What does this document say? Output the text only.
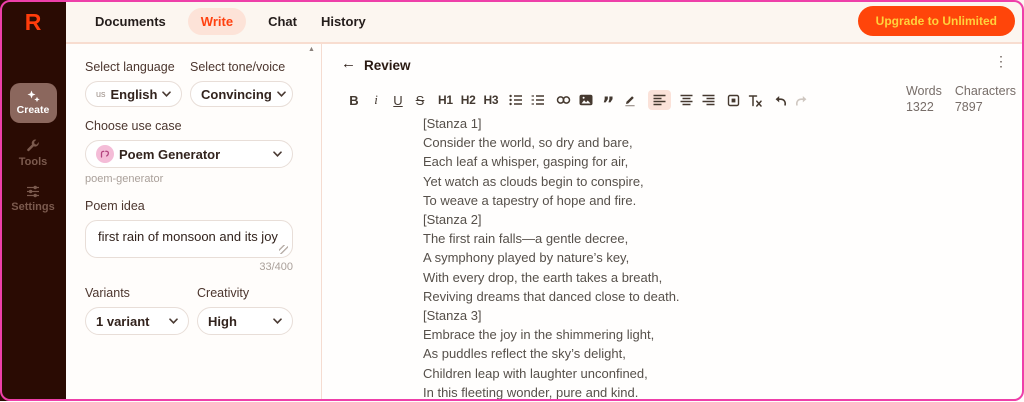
R
Create
Tools
Settings
Documents	Write	Chat History	Upgrade to Unlimited
Select language
us English
Select tone/voice
Convincing
Choose use case
Poem Generator
poem-generator
Poem idea
first rain of monsoon and its joy
33/400
Variants
1 variant
Creativity
High
▲
← Review	⋮
B	i	U S H1 H2 H3	”
Words
1322
Characters
7897
[Stanza 1]
Consider the world, so dry and bare,
Each leaf a whisper, gasping for air,
Yet watch as clouds begin to conspire,
To weave a tapestry of hope and fire.
[Stanza 2]
The first rain falls—a gentle decree,
A symphony played by nature’s key,
With every drop, the earth takes a breath,
Reviving dreams that danced close to death.
[Stanza 3]
Embrace the joy in the shimmering light,
As puddles reflect the sky’s delight,
Children leap with laughter unconfined,
In this fleeting wonder, pure and kind.
